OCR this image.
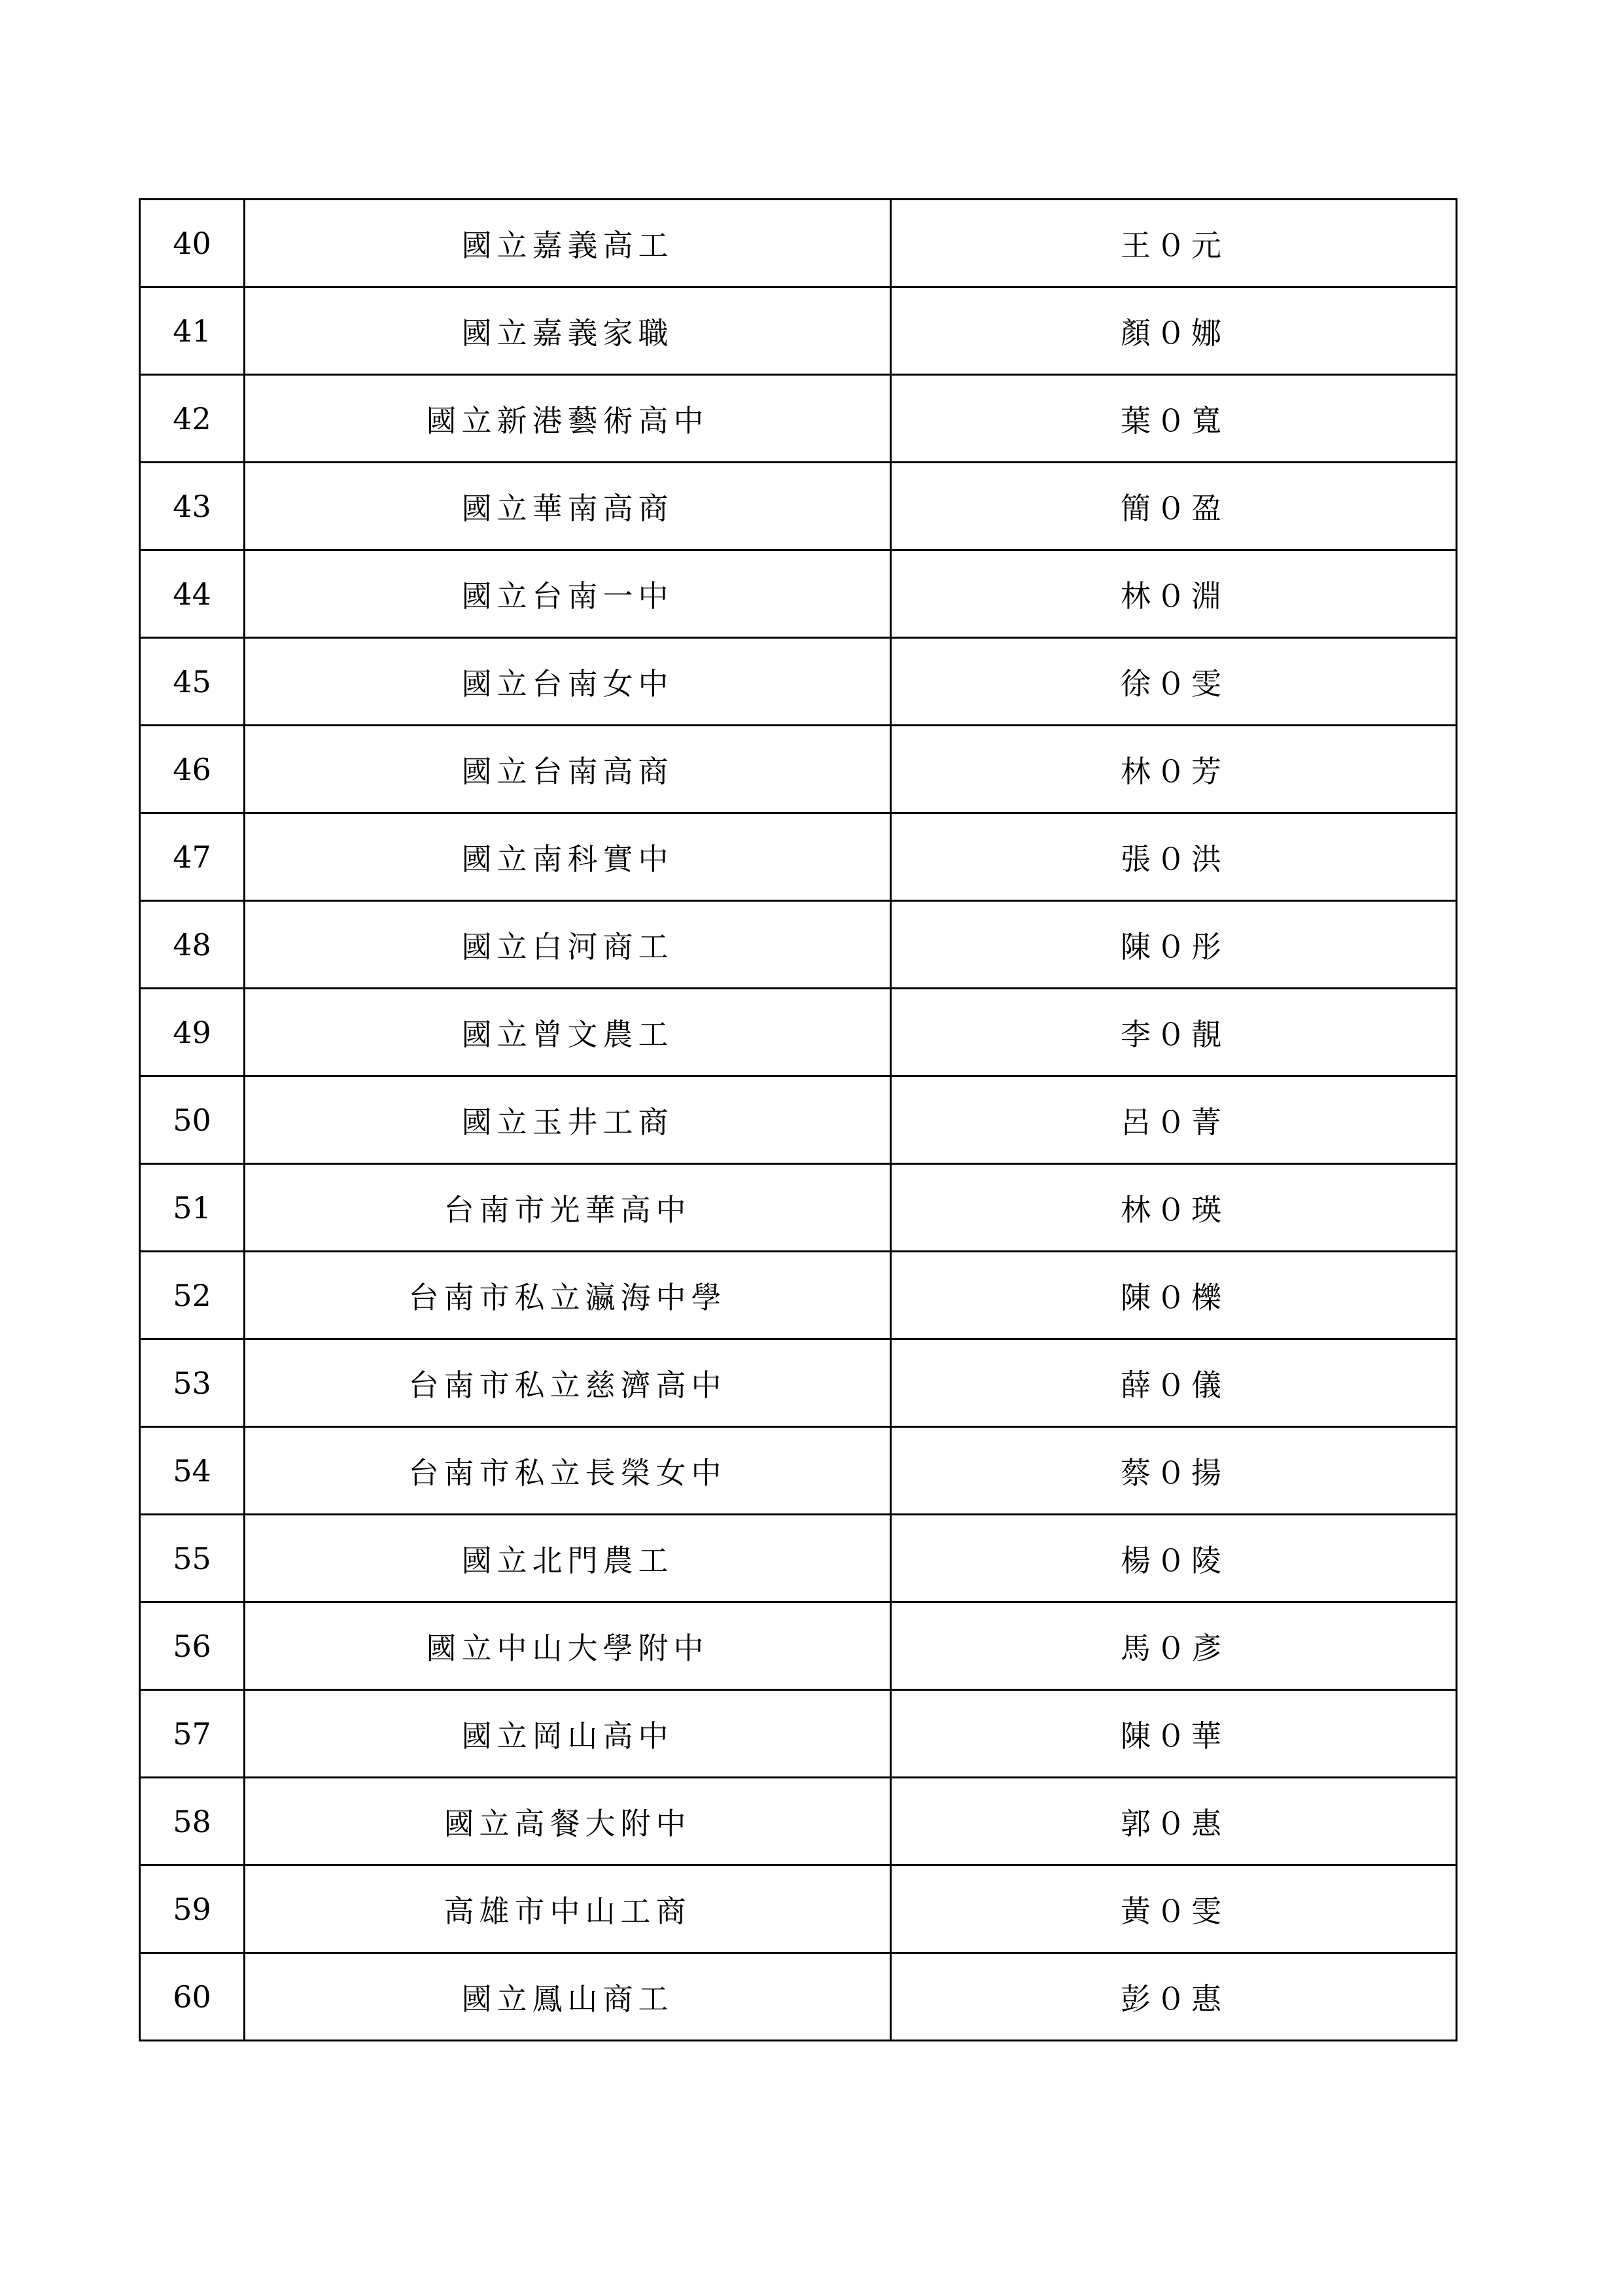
40	國立嘉義高工	王０元
41	國立嘉義家職	顏０娜
42	國立新港藝術高中	葉０寬
43	國立華南高商	簡０盈
44	國立台南一中	林０淵
45	國立台南女中	徐０雯
46	國立台南高商	林０芳
47	國立南科實中	張０洪
48	國立白河商工	陳０彤
49	國立曾文農工	李０靚
50	國立玉井工商	呂０菁
51	台南市光華高中	林０瑛
52	台南市私立瀛海中學	陳０櫟
53	台南市私立慈濟高中	薛０儀
54	台南市私立長榮女中	蔡０揚
55	國立北門農工	楊０陵
56	國立中山大學附中	馬０彥
57	國立岡山高中	陳０華
58	國立高餐大附中	郭０惠
59	高雄市中山工商	黃０雯
60	國立鳳山商工	彭０惠
